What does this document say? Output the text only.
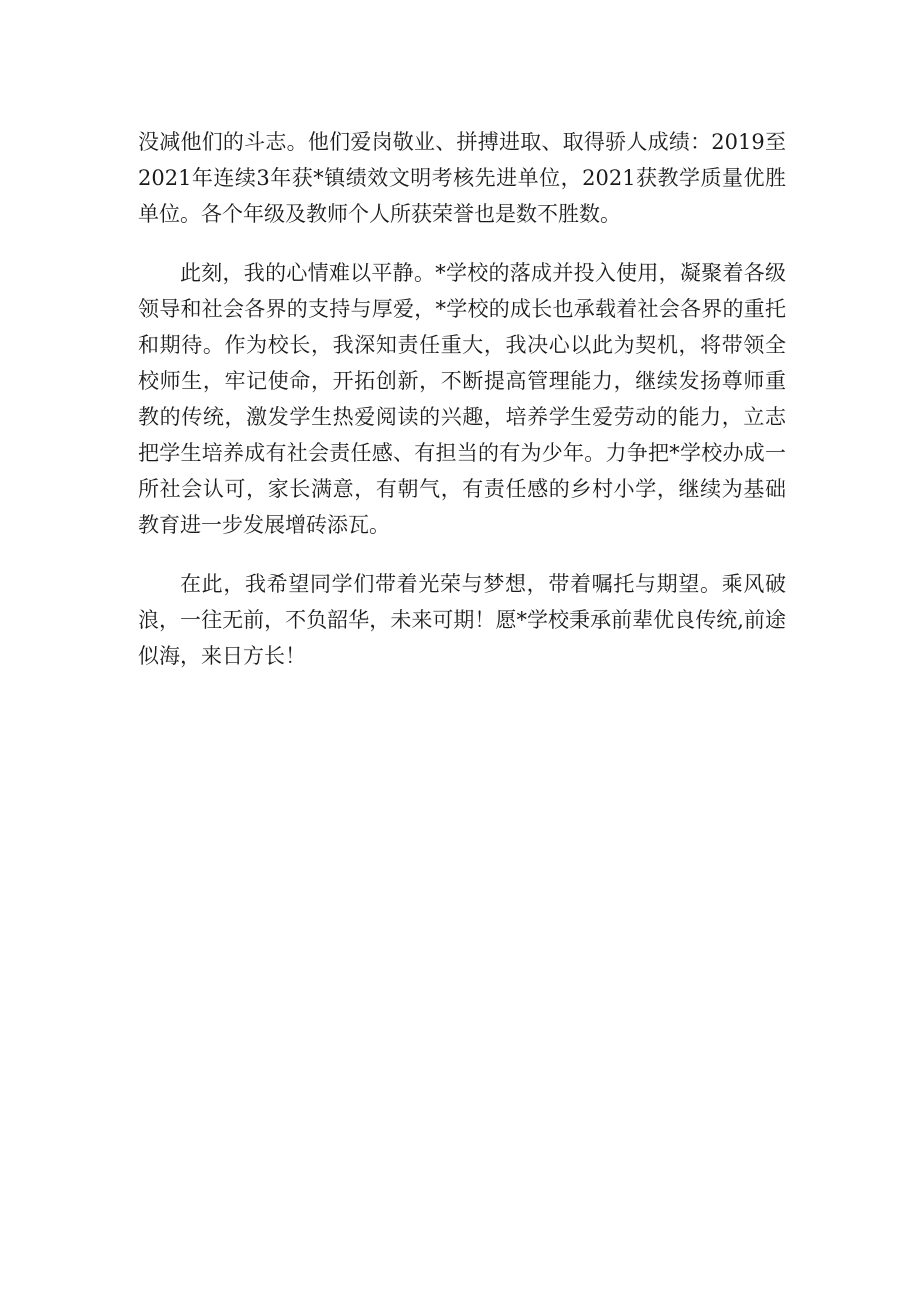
没减他们的斗志。他们爱岗敬业、拼搏进取、取得骄人成绩：2019至2021年连续3年获*镇绩效文明考核先进单位，2021获教学质量优胜单位。各个年级及教师个人所获荣誉也是数不胜数。

此刻，我的心情难以平静。*学校的落成并投入使用，凝聚着各级领导和社会各界的支持与厚爱，*学校的成长也承载着社会各界的重托和期待。作为校长，我深知责任重大，我决心以此为契机，将带领全校师生，牢记使命，开拓创新，不断提高管理能力，继续发扬尊师重教的传统，激发学生热爱阅读的兴趣，培养学生爱劳动的能力，立志把学生培养成有社会责任感、有担当的有为少年。力争把*学校办成一所社会认可，家长满意，有朝气，有责任感的乡村小学，继续为基础教育进一步发展增砖添瓦。

在此，我希望同学们带着光荣与梦想，带着嘱托与期望。乘风破浪，一往无前，不负韶华，未来可期！愿*学校秉承前辈优良传统,前途似海，来日方长！
